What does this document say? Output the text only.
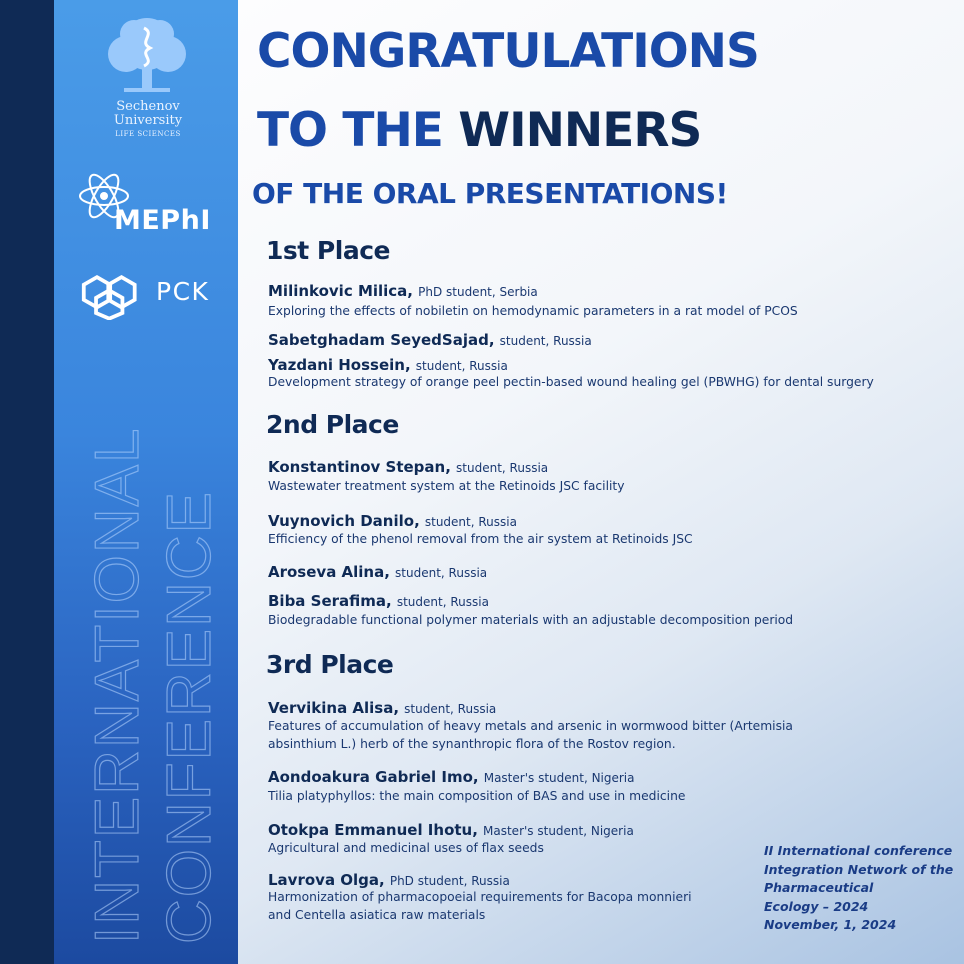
Sechenov
University
LIFE SCIENCES
MEPhI
PCK
INTERNATIONAL CONFERENCE
CONGRATULATIONS
TO THE WINNERS
OF THE ORAL PRESENTATIONS!
1st Place
Milinkovic Milica, PhD student, Serbia
Exploring the effects of nobiletin on hemodynamic parameters in a rat model of PCOS
Sabetghadam SeyedSajad, student, Russia
Yazdani Hossein, student, Russia
Development strategy of orange peel pectin-based wound healing gel (PBWHG) for dental surgery
2nd Place
Konstantinov Stepan, student, Russia
Wastewater treatment system at the Retinoids JSC facility
Vuynovich Danilo, student, Russia
Efficiency of the phenol removal from the air system at Retinoids JSC
Aroseva Alina, student, Russia
Biba Serafima, student, Russia
Biodegradable functional polymer materials with an adjustable decomposition period
3rd Place
Vervikina Alisa, student, Russia
Features of accumulation of heavy metals and arsenic in wormwood bitter (Artemisia
absinthium L.) herb of the synanthropic flora of the Rostov region.
Aondoakura Gabriel Imo, Master's student, Nigeria
Tilia platyphyllos: the main composition of BAS and use in medicine
Otokpa Emmanuel Ihotu, Master's student, Nigeria
Agricultural and medicinal uses of flax seeds
Lavrova Olga, PhD student, Russia
Harmonization of pharmacopoeial requirements for Bacopa monnieri
and Centella asiatica raw materials
II International conference
Integration Network of the
Pharmaceutical
Ecology – 2024
November, 1, 2024
